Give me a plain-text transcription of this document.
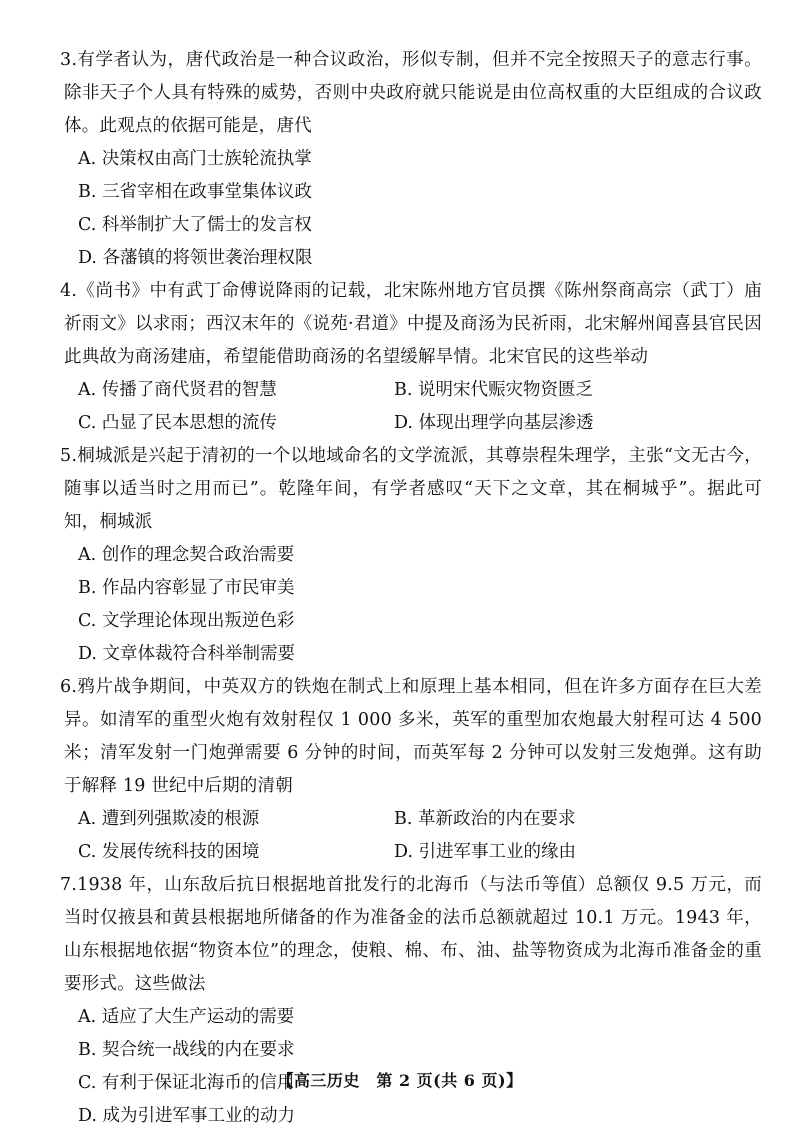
3.有学者认为，唐代政治是一种合议政治，形似专制，但并不完全按照天子的意志行事。除非天子个人具有特殊的威势，否则中央政府就只能说是由位高权重的大臣组成的合议政体。此观点的依据可能是，唐代

A. 决策权由高门士族轮流执掌

B. 三省宰相在政事堂集体议政

C. 科举制扩大了儒士的发言权

D. 各藩镇的将领世袭治理权限

4.《尚书》中有武丁命傅说降雨的记载，北宋陈州地方官员撰《陈州祭商高宗（武丁）庙祈雨文》以求雨；西汉末年的《说苑·君道》中提及商汤为民祈雨，北宋解州闻喜县官民因此典故为商汤建庙，希望能借助商汤的名望缓解旱情。北宋官民的这些举动

A. 传播了商代贤君的智慧	B. 说明宋代赈灾物资匮乏

C. 凸显了民本思想的流传	D. 体现出理学向基层渗透

5.桐城派是兴起于清初的一个以地域命名的文学流派，其尊崇程朱理学，主张“文无古今，随事以适当时之用而已”。乾隆年间，有学者感叹“天下之文章，其在桐城乎”。据此可知，桐城派

A. 创作的理念契合政治需要

B. 作品内容彰显了市民审美

C. 文学理论体现出叛逆色彩

D. 文章体裁符合科举制需要

6.鸦片战争期间，中英双方的铁炮在制式上和原理上基本相同，但在许多方面存在巨大差异。如清军的重型火炮有效射程仅 1 000 多米，英军的重型加农炮最大射程可达 4 500 米；清军发射一门炮弹需要 6 分钟的时间，而英军每 2 分钟可以发射三发炮弹。这有助于解释 19 世纪中后期的清朝

A. 遭到列强欺凌的根源	B. 革新政治的内在要求

C. 发展传统科技的困境	D. 引进军事工业的缘由

7.1938 年，山东敌后抗日根据地首批发行的北海币（与法币等值）总额仅 9.5 万元，而当时仅掖县和黄县根据地所储备的作为准备金的法币总额就超过 10.1 万元。1943 年，山东根据地依据“物资本位”的理念，使粮、棉、布、油、盐等物资成为北海币准备金的重要形式。这些做法

A. 适应了大生产运动的需要

B. 契合统一战线的内在要求

C. 有利于保证北海币的信用

D. 成为引进军事工业的动力

【高三历史　第 2 页(共 6 页)】
